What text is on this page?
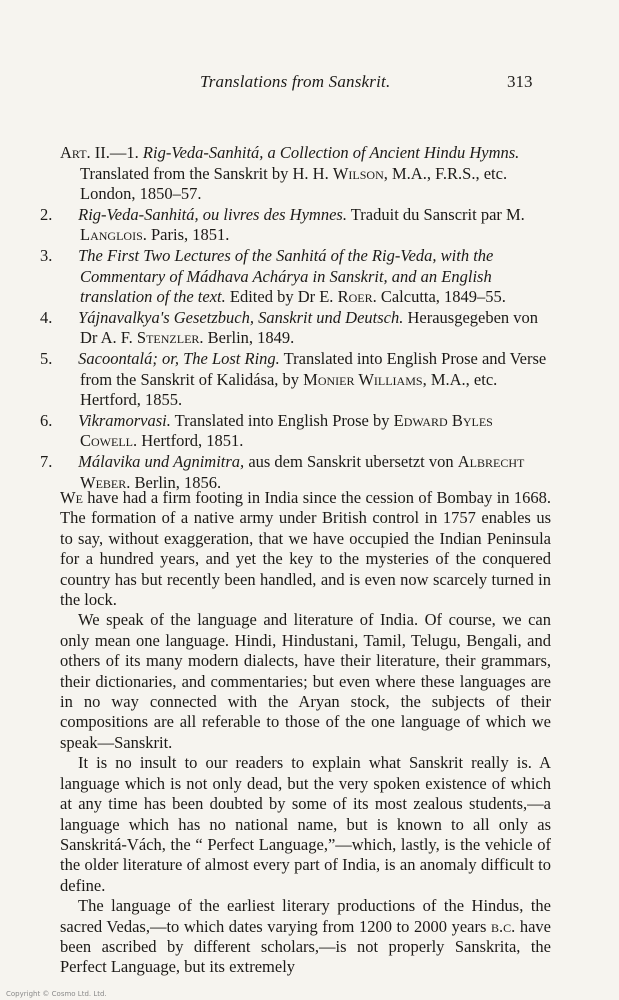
Translations from Sanskrit.	313

Art. II.—1. Rig-Veda-Sanhitá, a Collection of Ancient Hindu Hymns. Translated from the Sanskrit by H. H. Wilson, M.A., F.R.S., etc. London, 1850–57.

2. Rig-Veda-Sanhitá, ou livres des Hymnes. Traduit du Sanscrit par M. Langlois. Paris, 1851.

3. The First Two Lectures of the Sanhitá of the Rig-Veda, with the Commentary of Mádhava Achárya in Sanskrit, and an English translation of the text. Edited by Dr E. Roer. Calcutta, 1849–55.

4. Yájnavalkya's Gesetzbuch, Sanskrit und Deutsch. Herausgegeben von Dr A. F. Stenzler. Berlin, 1849.

5. Sacoontalá; or, The Lost Ring. Translated into English Prose and Verse from the Sanskrit of Kalidása, by Monier Williams, M.A., etc. Hertford, 1855.

6. Vikramorvasi. Translated into English Prose by Edward Byles Cowell. Hertford, 1851.

7. Málavika und Agnimitra, aus dem Sanskrit ubersetzt von Albrecht Weber. Berlin, 1856.

We have had a firm footing in India since the cession of Bombay in 1668. The formation of a native army under British control in 1757 enables us to say, without exaggeration, that we have occupied the Indian Peninsula for a hundred years, and yet the key to the mysteries of the conquered country has but recently been handled, and is even now scarcely turned in the lock.

We speak of the language and literature of India. Of course, we can only mean one language. Hindi, Hindustani, Tamil, Telugu, Bengali, and others of its many modern dialects, have their literature, their grammars, their dictionaries, and commentaries; but even where these languages are in no way connected with the Aryan stock, the subjects of their compositions are all referable to those of the one language of which we speak—Sanskrit.

It is no insult to our readers to explain what Sanskrit really is. A language which is not only dead, but the very spoken existence of which at any time has been doubted by some of its most zealous students,—a language which has no national name, but is known to all only as Sanskritá-Vách, the “ Perfect Language,”—which, lastly, is the vehicle of the older literature of almost every part of India, is an anomaly difficult to define.

The language of the earliest literary productions of the Hindus, the sacred Vedas,—to which dates varying from 1200 to 2000 years b.c. have been ascribed by different scholars,—is not properly Sanskrita, the Perfect Language, but its extremely

Copyright © Cosmo Ltd. Ltd.
